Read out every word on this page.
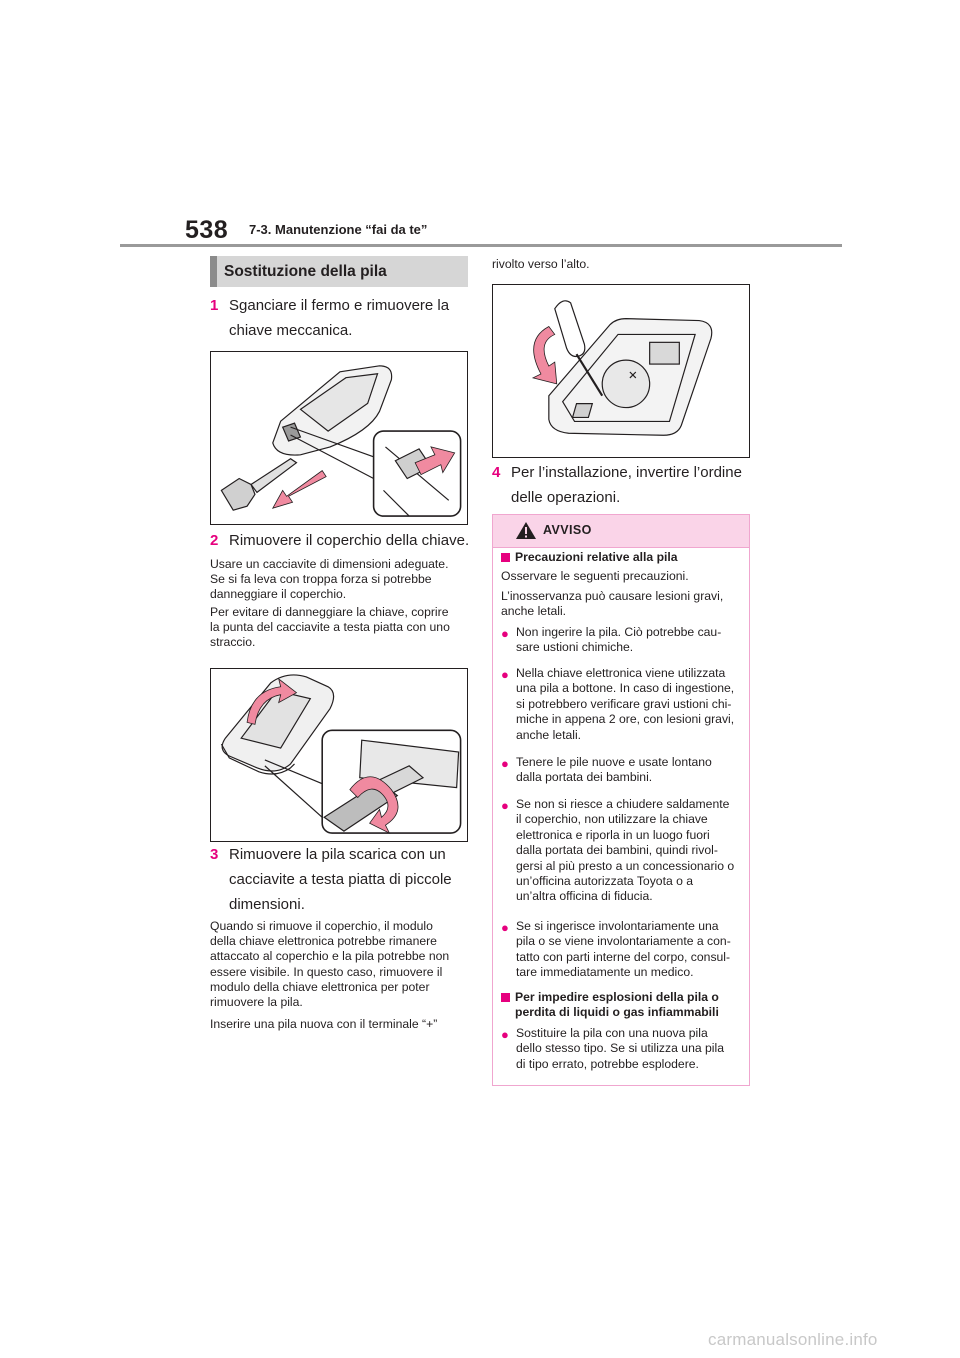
538 7-3. Manutenzione “fai da te”
Sostituzione della pila
1 Sganciare il fermo e rimuovere la
chiave meccanica.
2 Rimuovere il coperchio della chiave.
Usare un cacciavite di dimensioni adeguate.
Se si fa leva con troppa forza si potrebbe
danneggiare il coperchio.
Per evitare di danneggiare la chiave, coprire
la punta del cacciavite a testa piatta con uno
straccio.
3 Rimuovere la pila scarica con un
cacciavite a testa piatta di piccole
dimensioni.
Quando si rimuove il coperchio, il modulo
della chiave elettronica potrebbe rimanere
attaccato al coperchio e la pila potrebbe non
essere visibile. In questo caso, rimuovere il
modulo della chiave elettronica per poter
rimuovere la pila.
Inserire una pila nuova con il terminale “+”
rivolto verso l’alto.
4 Per l’installazione, invertire l’ordine
delle operazioni.
AVVISO
Precauzioni relative alla pila
Osservare le seguenti precauzioni.
L’inosservanza può causare lesioni gravi,
anche letali.
● Non ingerire la pila. Ciò potrebbe cau-
sare ustioni chimiche.
● Nella chiave elettronica viene utilizzata
una pila a bottone. In caso di ingestione,
si potrebbero verificare gravi ustioni chi-
miche in appena 2 ore, con lesioni gravi,
anche letali.
● Tenere le pile nuove e usate lontano
dalla portata dei bambini.
● Se non si riesce a chiudere saldamente
il coperchio, non utilizzare la chiave
elettronica e riporla in un luogo fuori
dalla portata dei bambini, quindi rivol-
gersi al più presto a un concessionario o
un’officina autorizzata Toyota o a
un’altra officina di fiducia.
● Se si ingerisce involontariamente una
pila o se viene involontariamente a con-
tatto con parti interne del corpo, consul-
tare immediatamente un medico.
Per impedire esplosioni della pila o
perdita di liquidi o gas infiammabili
● Sostituire la pila con una nuova pila
dello stesso tipo. Se si utilizza una pila
di tipo errato, potrebbe esplodere.
carmanualsonline.info
